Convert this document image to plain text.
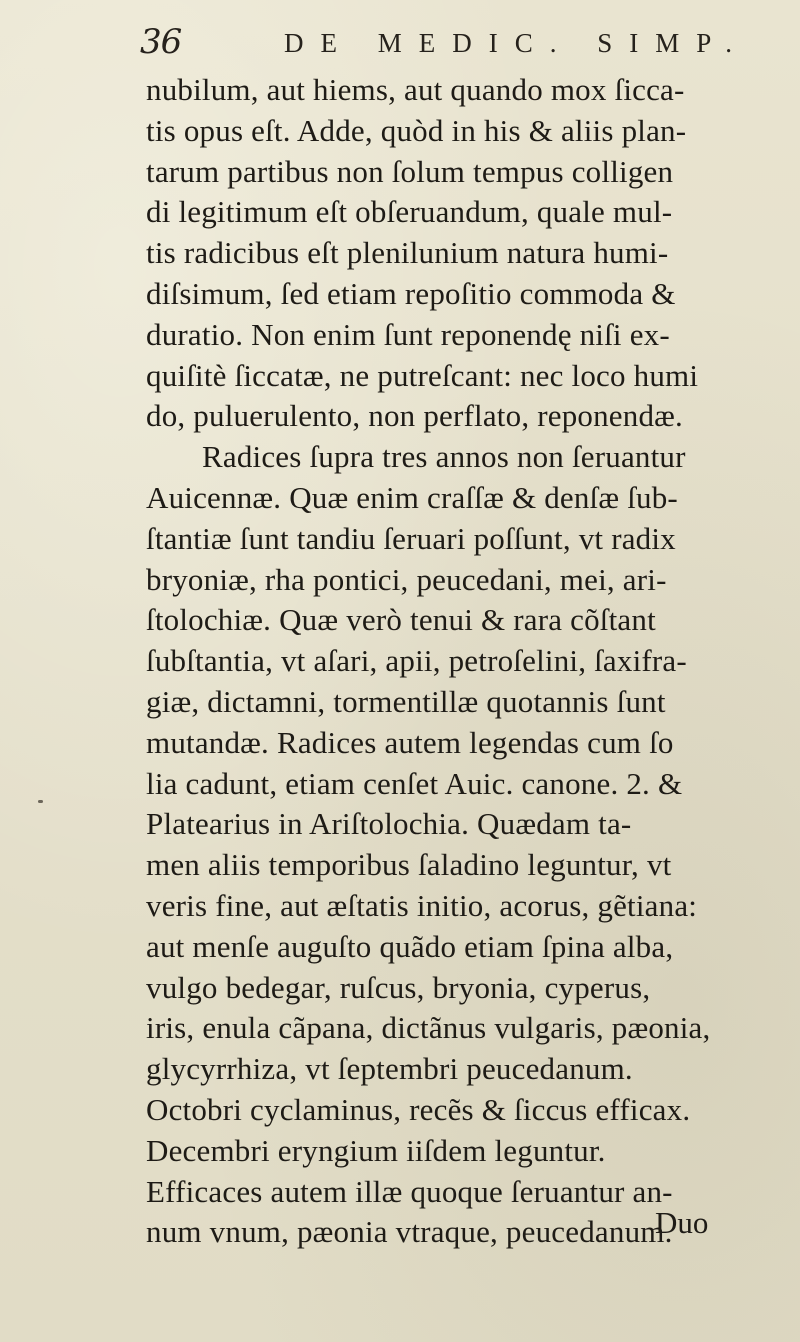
36	DE MEDIC. SIMP.
nubilum, aut hiems, aut quando mox ſicca-
tis opus eſt. Adde, quòd in his & aliis plan-
tarum partibus non ſolum tempus colligen
di legitimum eſt obſeruandum, quale mul-
tis radicibus eſt plenilunium natura humi-
diſsimum, ſed etiam repoſitio commoda &
duratio. Non enim ſunt reponendę niſi ex-
quiſitè ſiccatæ, ne putreſcant: nec loco humi
do, puluerulento, non perflato, reponendæ.
Radices ſupra tres annos non ſeruantur
Auicennæ. Quæ enim craſſæ & denſæ ſub-
ſtantiæ ſunt tandiu ſeruari poſſunt, vt radix
bryoniæ, rha pontici, peucedani, mei, ari-
ſtolochiæ. Quæ verò tenui & rara cõſtant
ſubſtantia, vt aſari, apii, petroſelini, ſaxifra-
giæ, dictamni, tormentillæ quotannis ſunt
mutandæ. Radices autem legendas cum ſo
lia cadunt, etiam cenſet Auic. canone. 2. &
Platearius in Ariſtolochia. Quædam ta-
men aliis temporibus ſaladino leguntur, vt
veris fine, aut æſtatis initio, acorus, gẽtiana:
aut menſe auguſto quãdo etiam ſpina alba,
vulgo bedegar, ruſcus, bryonia, cyperus,
iris, enula cãpana, dictãnus vulgaris, pæonia,
glycyrrhiza, vt ſeptembri peucedanum.
Octobri cyclaminus, recẽs & ſiccus efficax.
Decembri eryngium iiſdem leguntur.
Efficaces autem illæ quoque ſeruantur an-
num vnum, pæonia vtraque, peucedanum.
Duo
